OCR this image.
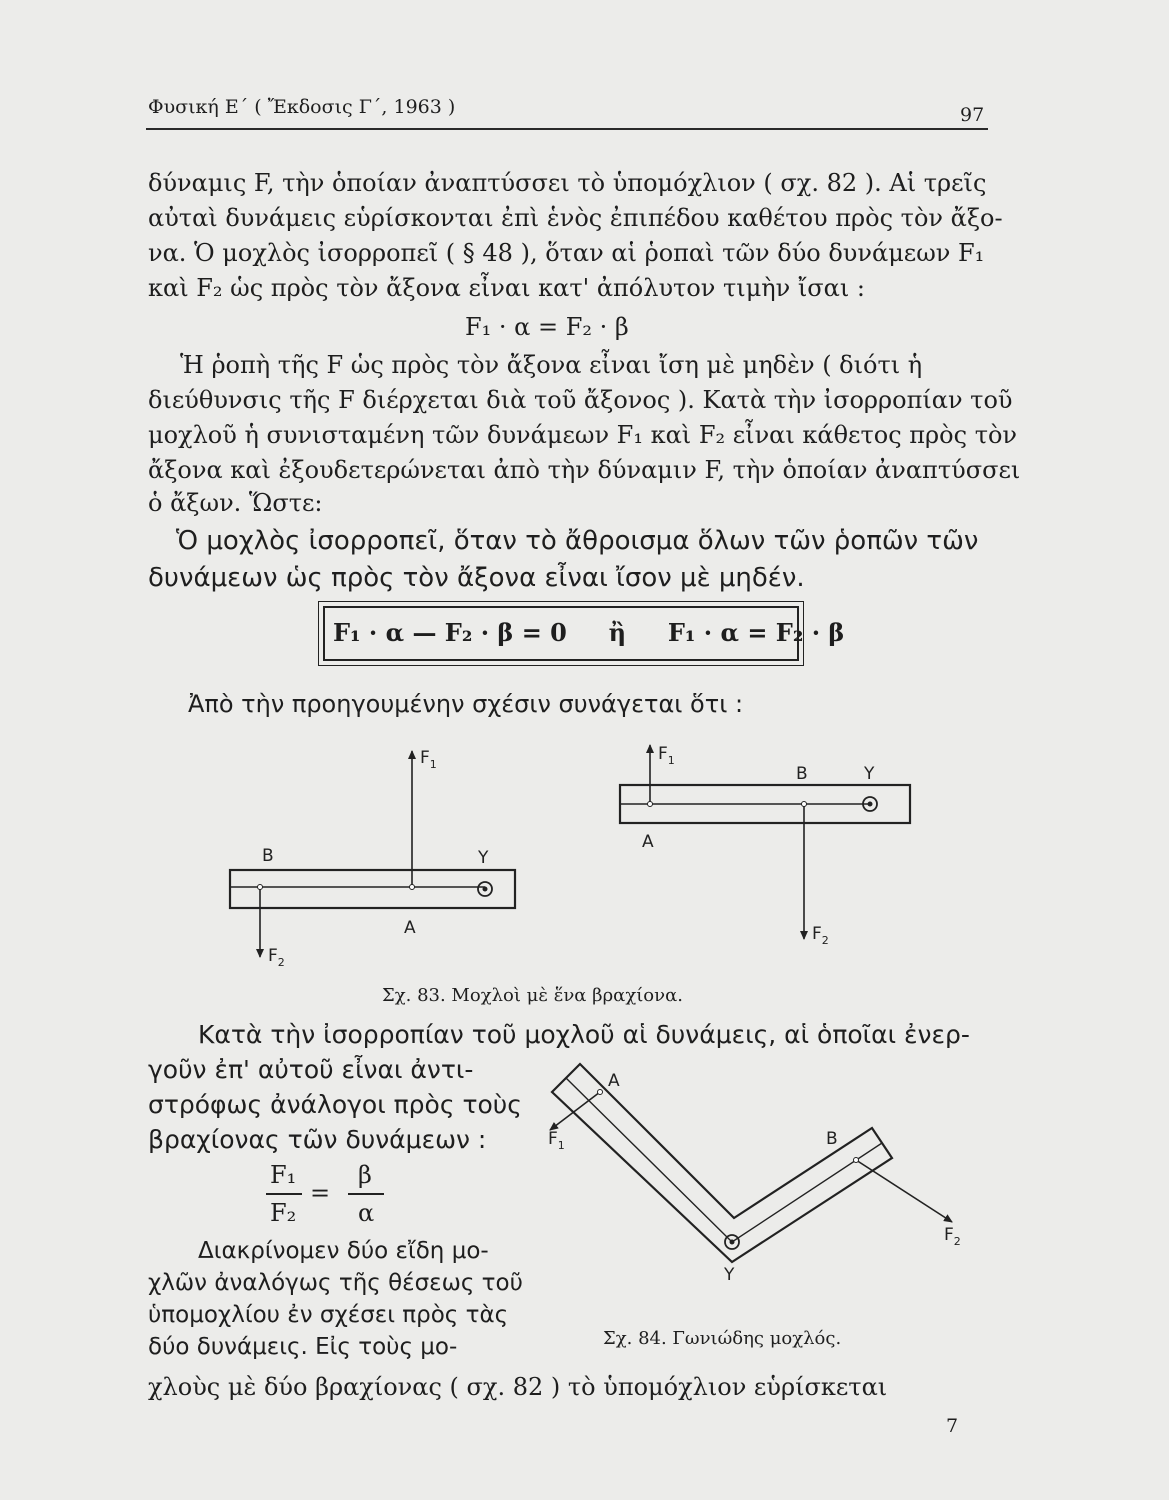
Φυσική Ε΄ ( Ἔκδοσις Γ΄, 1963 )	97
δύναμις F, τὴν ὁποίαν ἀναπτύσσει τὸ ὑπομόχλιον ( σχ. 82 ). Αἱ τρεῖς
αὐταὶ δυνάμεις εὑρίσκονται ἐπὶ ἑνὸς ἐπιπέδου καθέτου πρὸς τὸν ἄξο-
να. Ὁ μοχλὸς ἰσορροπεῖ ( § 48 ), ὅταν αἱ ῥοπαὶ τῶν δύο δυνάμεων F₁
καὶ F₂ ὡς πρὸς τὸν ἄξονα εἶναι κατ' ἀπόλυτον τιμὴν ἴσαι :
F₁ · α = F₂ · β
Ἡ ῥοπὴ τῆς F ὡς πρὸς τὸν ἄξονα εἶναι ἴση μὲ μηδὲν ( διότι ἡ
διεύθυνσις τῆς F διέρχεται διὰ τοῦ ἄξονος ). Κατὰ τὴν ἰσορροπίαν τοῦ
μοχλοῦ ἡ συνισταμένη τῶν δυνάμεων F₁ καὶ F₂ εἶναι κάθετος πρὸς τὸν
ἄξονα καὶ ἐξουδετερώνεται ἀπὸ τὴν δύναμιν F, τὴν ὁποίαν ἀναπτύσσει
ὁ ἄξων. Ὥστε:
Ὁ μοχλὸς ἰσορροπεῖ, ὅταν τὸ ἄθροισμα ὅλων τῶν ῥοπῶν τῶν
δυνάμεων ὡς πρὸς τὸν ἄξονα εἶναι ἴσον μὲ μηδέν.
F₁ · α — F₂ · β = 0     ἢ     F₁ · α = F₂ · β
Ἀπὸ τὴν προηγουμένην σχέσιν συνάγεται ὅτι :
$F_1$
B	Y
A
$F_2$
$F_1$
B	Y
A
$F_2$
Σχ. 83. Μοχλοὶ μὲ ἕνα βραχίονα.
Κατὰ τὴν ἰσορροπίαν τοῦ μοχλοῦ αἱ δυνάμεις, αἱ ὁποῖαι ἐνερ-
γοῦν ἐπ' αὐτοῦ εἶναι ἀντι-
στρόφως ἀνάλογοι πρὸς τοὺς
βραχίονας τῶν δυνάμεων :
F₁
F₂
=
β
α
Διακρίνομεν δύο εἴδη μο-
χλῶν ἀναλόγως τῆς θέσεως τοῦ
ὑπομοχλίου ἐν σχέσει πρὸς τὰς
δύο δυνάμεις. Εἰς τοὺς μο-
A
$F_1$	B
$F_2$
Y
Σχ. 84. Γωνιώδης μοχλός.
χλοὺς μὲ δύο βραχίονας ( σχ. 82 ) τὸ ὑπομόχλιον εὑρίσκεται
7
